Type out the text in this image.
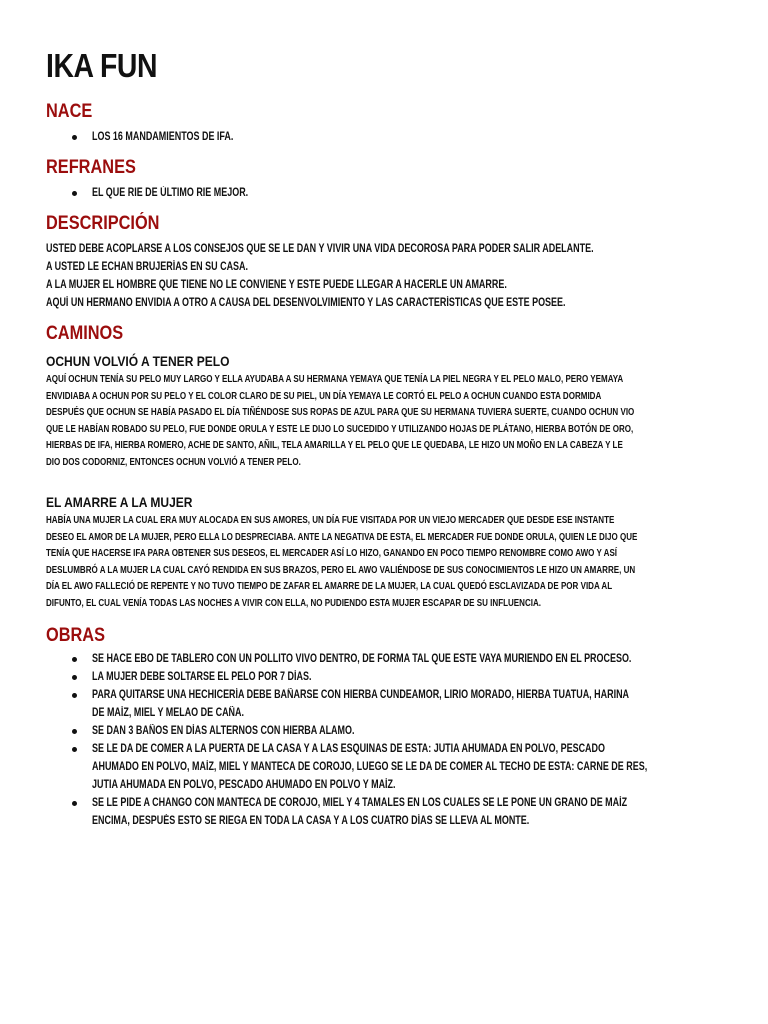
IKA FUN
NACE
LOS 16 MANDAMIENTOS DE IFA.
REFRANES
EL QUE RIE DE ÚLTIMO RIE MEJOR.
DESCRIPCIÓN
USTED DEBE ACOPLARSE A LOS CONSEJOS QUE SE LE DAN Y VIVIR UNA VIDA DECOROSA PARA PODER SALIR ADELANTE.
A USTED LE ECHAN BRUJERÍAS EN SU CASA.
A LA MUJER EL HOMBRE QUE TIENE NO LE CONVIENE Y ESTE PUEDE LLEGAR A HACERLE UN AMARRE.
AQUÍ UN HERMANO ENVIDIA A OTRO A CAUSA DEL DESENVOLVIMIENTO Y LAS CARACTERÍSTICAS QUE ESTE POSEE.
CAMINOS
OCHUN VOLVIÓ A TENER PELO
AQUÍ OCHUN TENÍA SU PELO MUY LARGO Y ELLA AYUDABA A SU HERMANA YEMAYA QUE TENÍA LA PIEL NEGRA Y EL PELO MALO, PERO YEMAYA
ENVIDIABA A OCHUN POR SU PELO Y EL COLOR CLARO DE SU PIEL, UN DÍA YEMAYA LE CORTÓ EL PELO A OCHUN CUANDO ESTA DORMIDA
DESPUÉS QUE OCHUN SE HABÍA PASADO EL DÍA TIÑÉNDOSE SUS ROPAS DE AZUL PARA QUE SU HERMANA TUVIERA SUERTE, CUANDO OCHUN VIO
QUE LE HABÍAN ROBADO SU PELO, FUE DONDE ORULA Y ESTE LE DIJO LO SUCEDIDO Y UTILIZANDO HOJAS DE PLÁTANO, HIERBA BOTÓN DE ORO,
HIERBAS DE IFA, HIERBA ROMERO, ACHE DE SANTO, AÑIL, TELA AMARILLA Y EL PELO QUE LE QUEDABA, LE HIZO UN MOÑO EN LA CABEZA Y LE
DIO DOS CODORNIZ, ENTONCES OCHUN VOLVIÓ A TENER PELO.
EL AMARRE A LA MUJER
HABÍA UNA MUJER LA CUAL ERA MUY ALOCADA EN SUS AMORES, UN DÍA FUE VISITADA POR UN VIEJO MERCADER QUE DESDE ESE INSTANTE
DESEO EL AMOR DE LA MUJER, PERO ELLA LO DESPRECIABA. ANTE LA NEGATIVA DE ESTA, EL MERCADER FUE DONDE ORULA, QUIEN LE DIJO QUE
TENÍA QUE HACERSE IFA PARA OBTENER SUS DESEOS, EL MERCADER ASÍ LO HIZO, GANANDO EN POCO TIEMPO RENOMBRE COMO AWO Y ASÍ
DESLUMBRÓ A LA MUJER LA CUAL CAYÓ RENDIDA EN SUS BRAZOS, PERO EL AWO VALIÉNDOSE DE SUS CONOCIMIENTOS LE HIZO UN AMARRE, UN
DÍA EL AWO FALLECIÓ DE REPENTE Y NO TUVO TIEMPO DE ZAFAR EL AMARRE DE LA MUJER, LA CUAL QUEDÓ ESCLAVIZADA DE POR VIDA AL
DIFUNTO, EL CUAL VENÍA TODAS LAS NOCHES A VIVIR CON ELLA, NO PUDIENDO ESTA MUJER ESCAPAR DE SU INFLUENCIA.
OBRAS
SE HACE EBO DE TABLERO CON UN POLLITO VIVO DENTRO, DE FORMA TAL QUE ESTE VAYA MURIENDO EN EL PROCESO.
LA MUJER DEBE SOLTARSE EL PELO POR 7 DÍAS.
PARA QUITARSE UNA HECHICERÍA DEBE BAÑARSE CON HIERBA CUNDEAMOR, LIRIO MORADO, HIERBA TUATUA, HARINA
DE MAÍZ, MIEL Y MELAO DE CAÑA.
SE DAN 3 BAÑOS EN DÍAS ALTERNOS CON HIERBA ALAMO.
SE LE DA DE COMER A LA PUERTA DE LA CASA Y A LAS ESQUINAS DE ESTA: JUTIA AHUMADA EN POLVO, PESCADO
AHUMADO EN POLVO, MAÍZ, MIEL Y MANTECA DE COROJO, LUEGO SE LE DA DE COMER AL TECHO DE ESTA: CARNE DE RES,
JUTIA AHUMADA EN POLVO, PESCADO AHUMADO EN POLVO Y MAÍZ.
SE LE PIDE A CHANGO CON MANTECA DE COROJO, MIEL Y 4 TAMALES EN LOS CUALES SE LE PONE UN GRANO DE MAÍZ
ENCIMA, DESPUÉS ESTO SE RIEGA EN TODA LA CASA Y A LOS CUATRO DÍAS SE LLEVA AL MONTE.
